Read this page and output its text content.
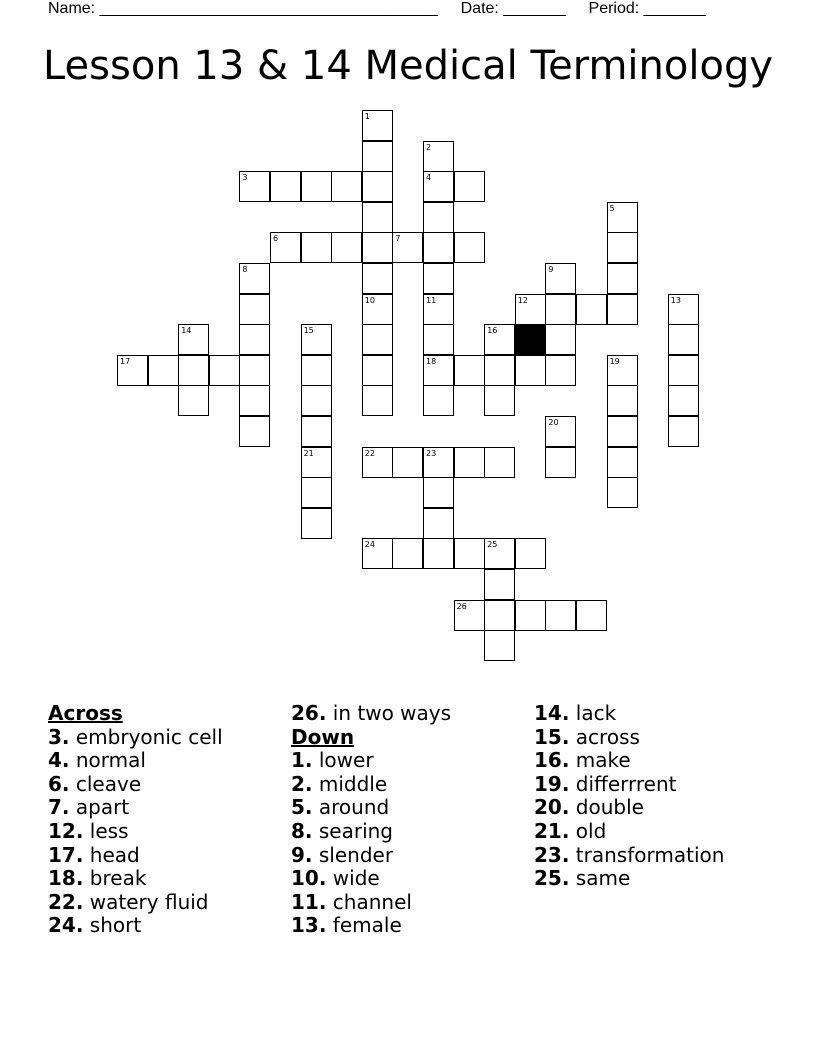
Name: ______________________________________ Date: _______ Period: _______
Lesson 13 & 14 Medical Terminology
3	4
6	7
12
17	18
22	23
24	25
26
1
2
11
5
8	9
10	13
14	15	16
19
20
21
Across
3. embryonic cell
4. normal
6. cleave
7. apart
12. less
17. head
18. break
22. watery fluid
24. short
26. in two ways
Down
1. lower
2. middle
5. around
8. searing
9. slender
10. wide
11. channel
13. female
14. lack
15. across
16. make
19. differrrent
20. double
21. old
23. transformation
25. same
